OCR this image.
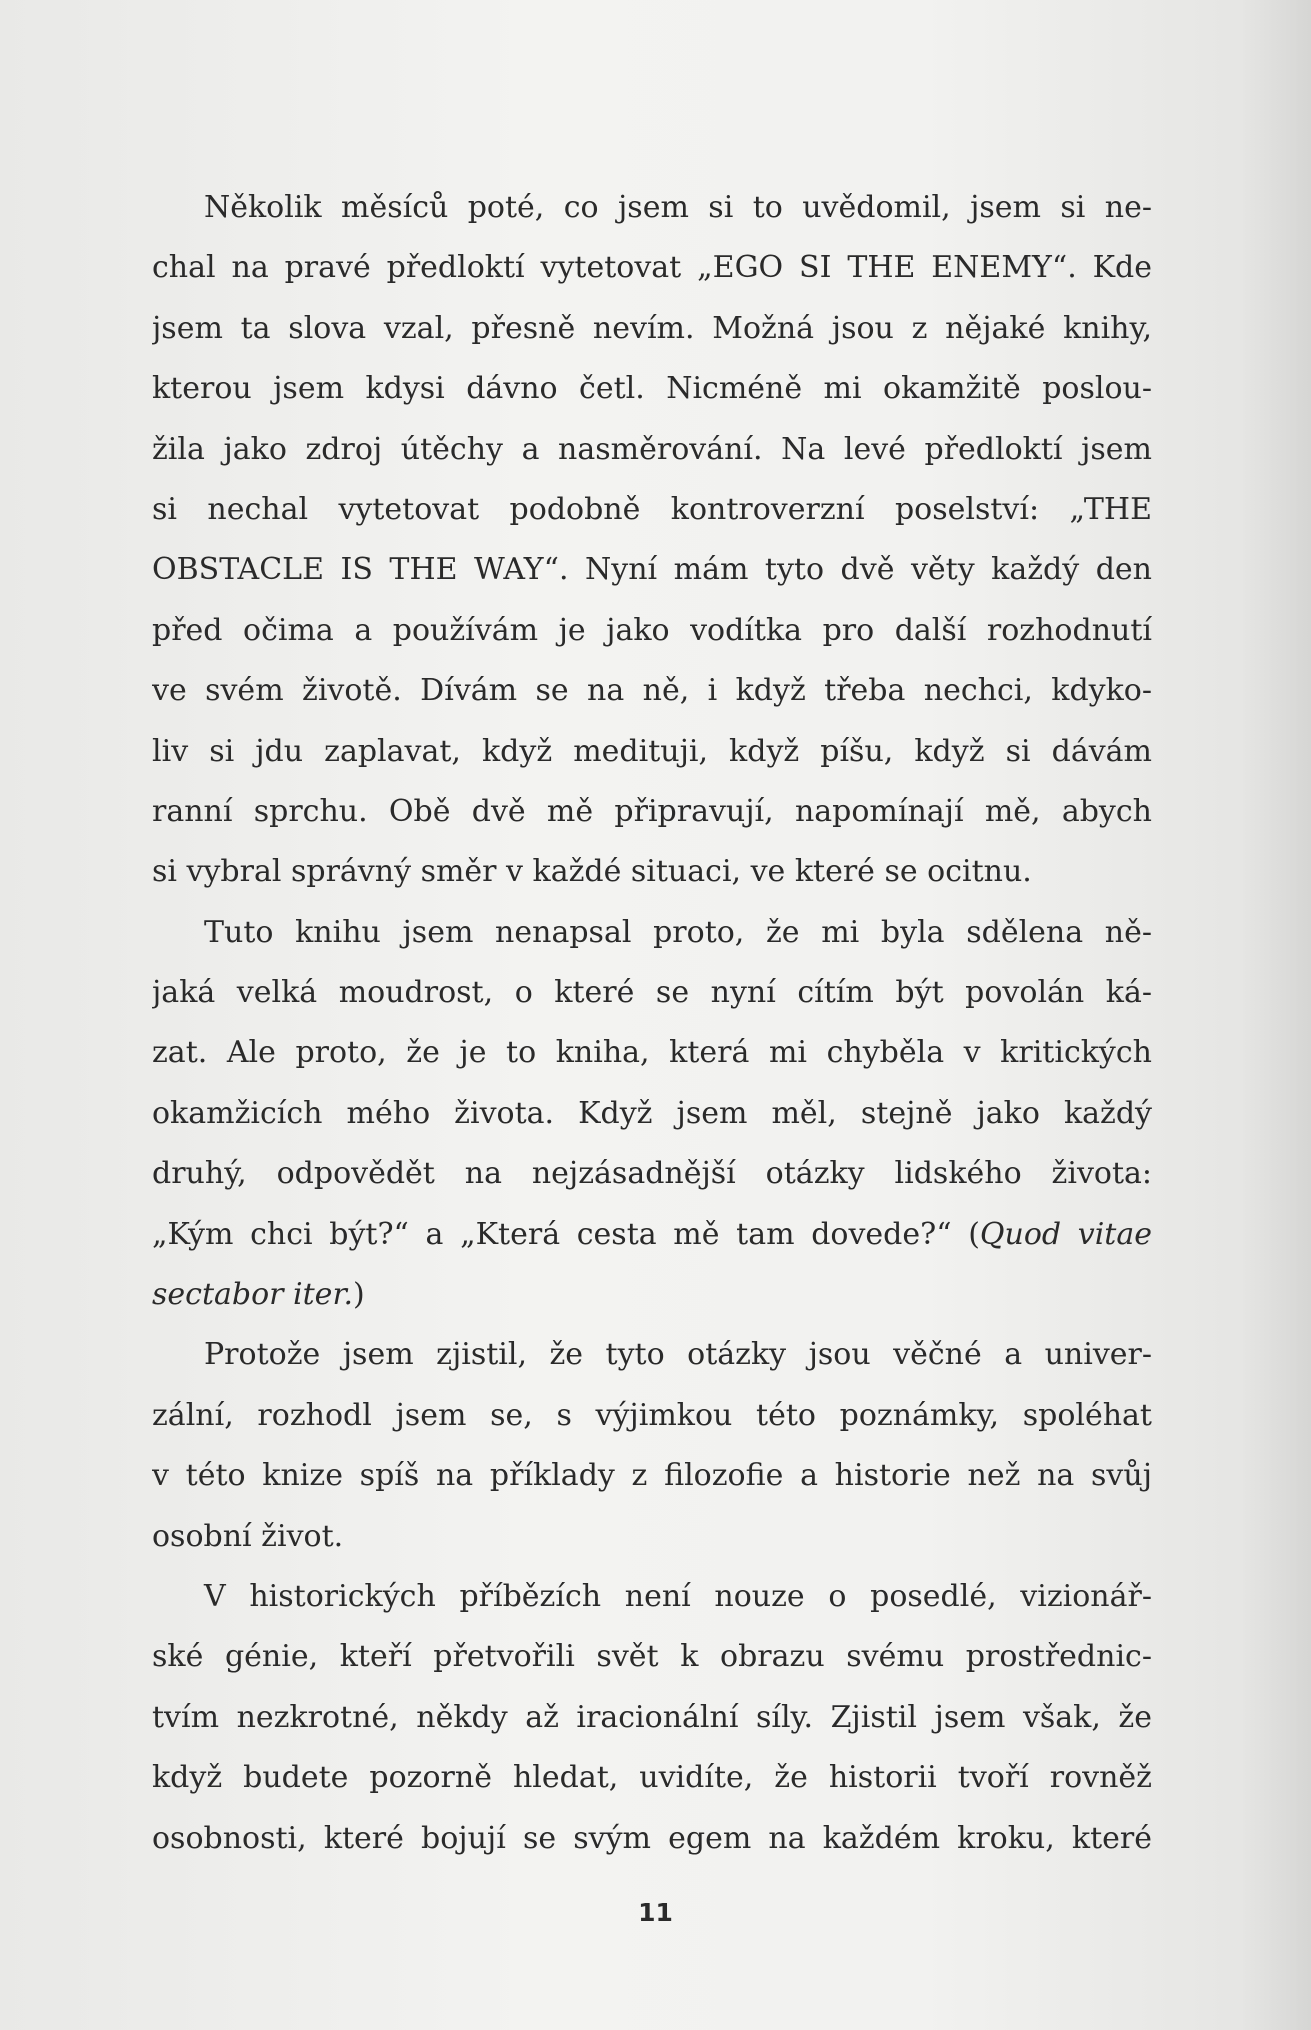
Několik měsíců poté, co jsem si to uvědomil, jsem si ne-
chal na pravé předloktí vytetovat „EGO SI THE ENEMY“. Kde
jsem ta slova vzal, přesně nevím. Možná jsou z nějaké knihy,
kterou jsem kdysi dávno četl. Nicméně mi okamžitě poslou-
žila jako zdroj útěchy a nasměrování. Na levé předloktí jsem
si nechal vytetovat podobně kontroverzní poselství: „THE
OBSTACLE IS THE WAY“. Nyní mám tyto dvě věty každý den
před očima a používám je jako vodítka pro další rozhodnutí
ve svém životě. Dívám se na ně, i když třeba nechci, kdyko-
liv si jdu zaplavat, když medituji, když píšu, když si dávám
ranní sprchu. Obě dvě mě připravují, napomínají mě, abych
si vybral správný směr v každé situaci, ve které se ocitnu.
Tuto knihu jsem nenapsal proto, že mi byla sdělena ně-
jaká velká moudrost, o které se nyní cítím být povolán ká-
zat. Ale proto, že je to kniha, která mi chyběla v kritických
okamžicích mého života. Když jsem měl, stejně jako každý
druhý, odpovědět na nejzásadnější otázky lidského života:
„Kým chci být?“ a „Která cesta mě tam dovede?“ (Quod vitae
sectabor iter.)
Protože jsem zjistil, že tyto otázky jsou věčné a univer-
zální, rozhodl jsem se, s výjimkou této poznámky, spoléhat
v této knize spíš na příklady z filozofie a historie než na svůj
osobní život.
V historických příbězích není nouze o posedlé, vizionář-
ské génie, kteří přetvořili svět k obrazu svému prostřednic-
tvím nezkrotné, někdy až iracionální síly. Zjistil jsem však, že
když budete pozorně hledat, uvidíte, že historii tvoří rovněž
osobnosti, které bojují se svým egem na každém kroku, které
11
